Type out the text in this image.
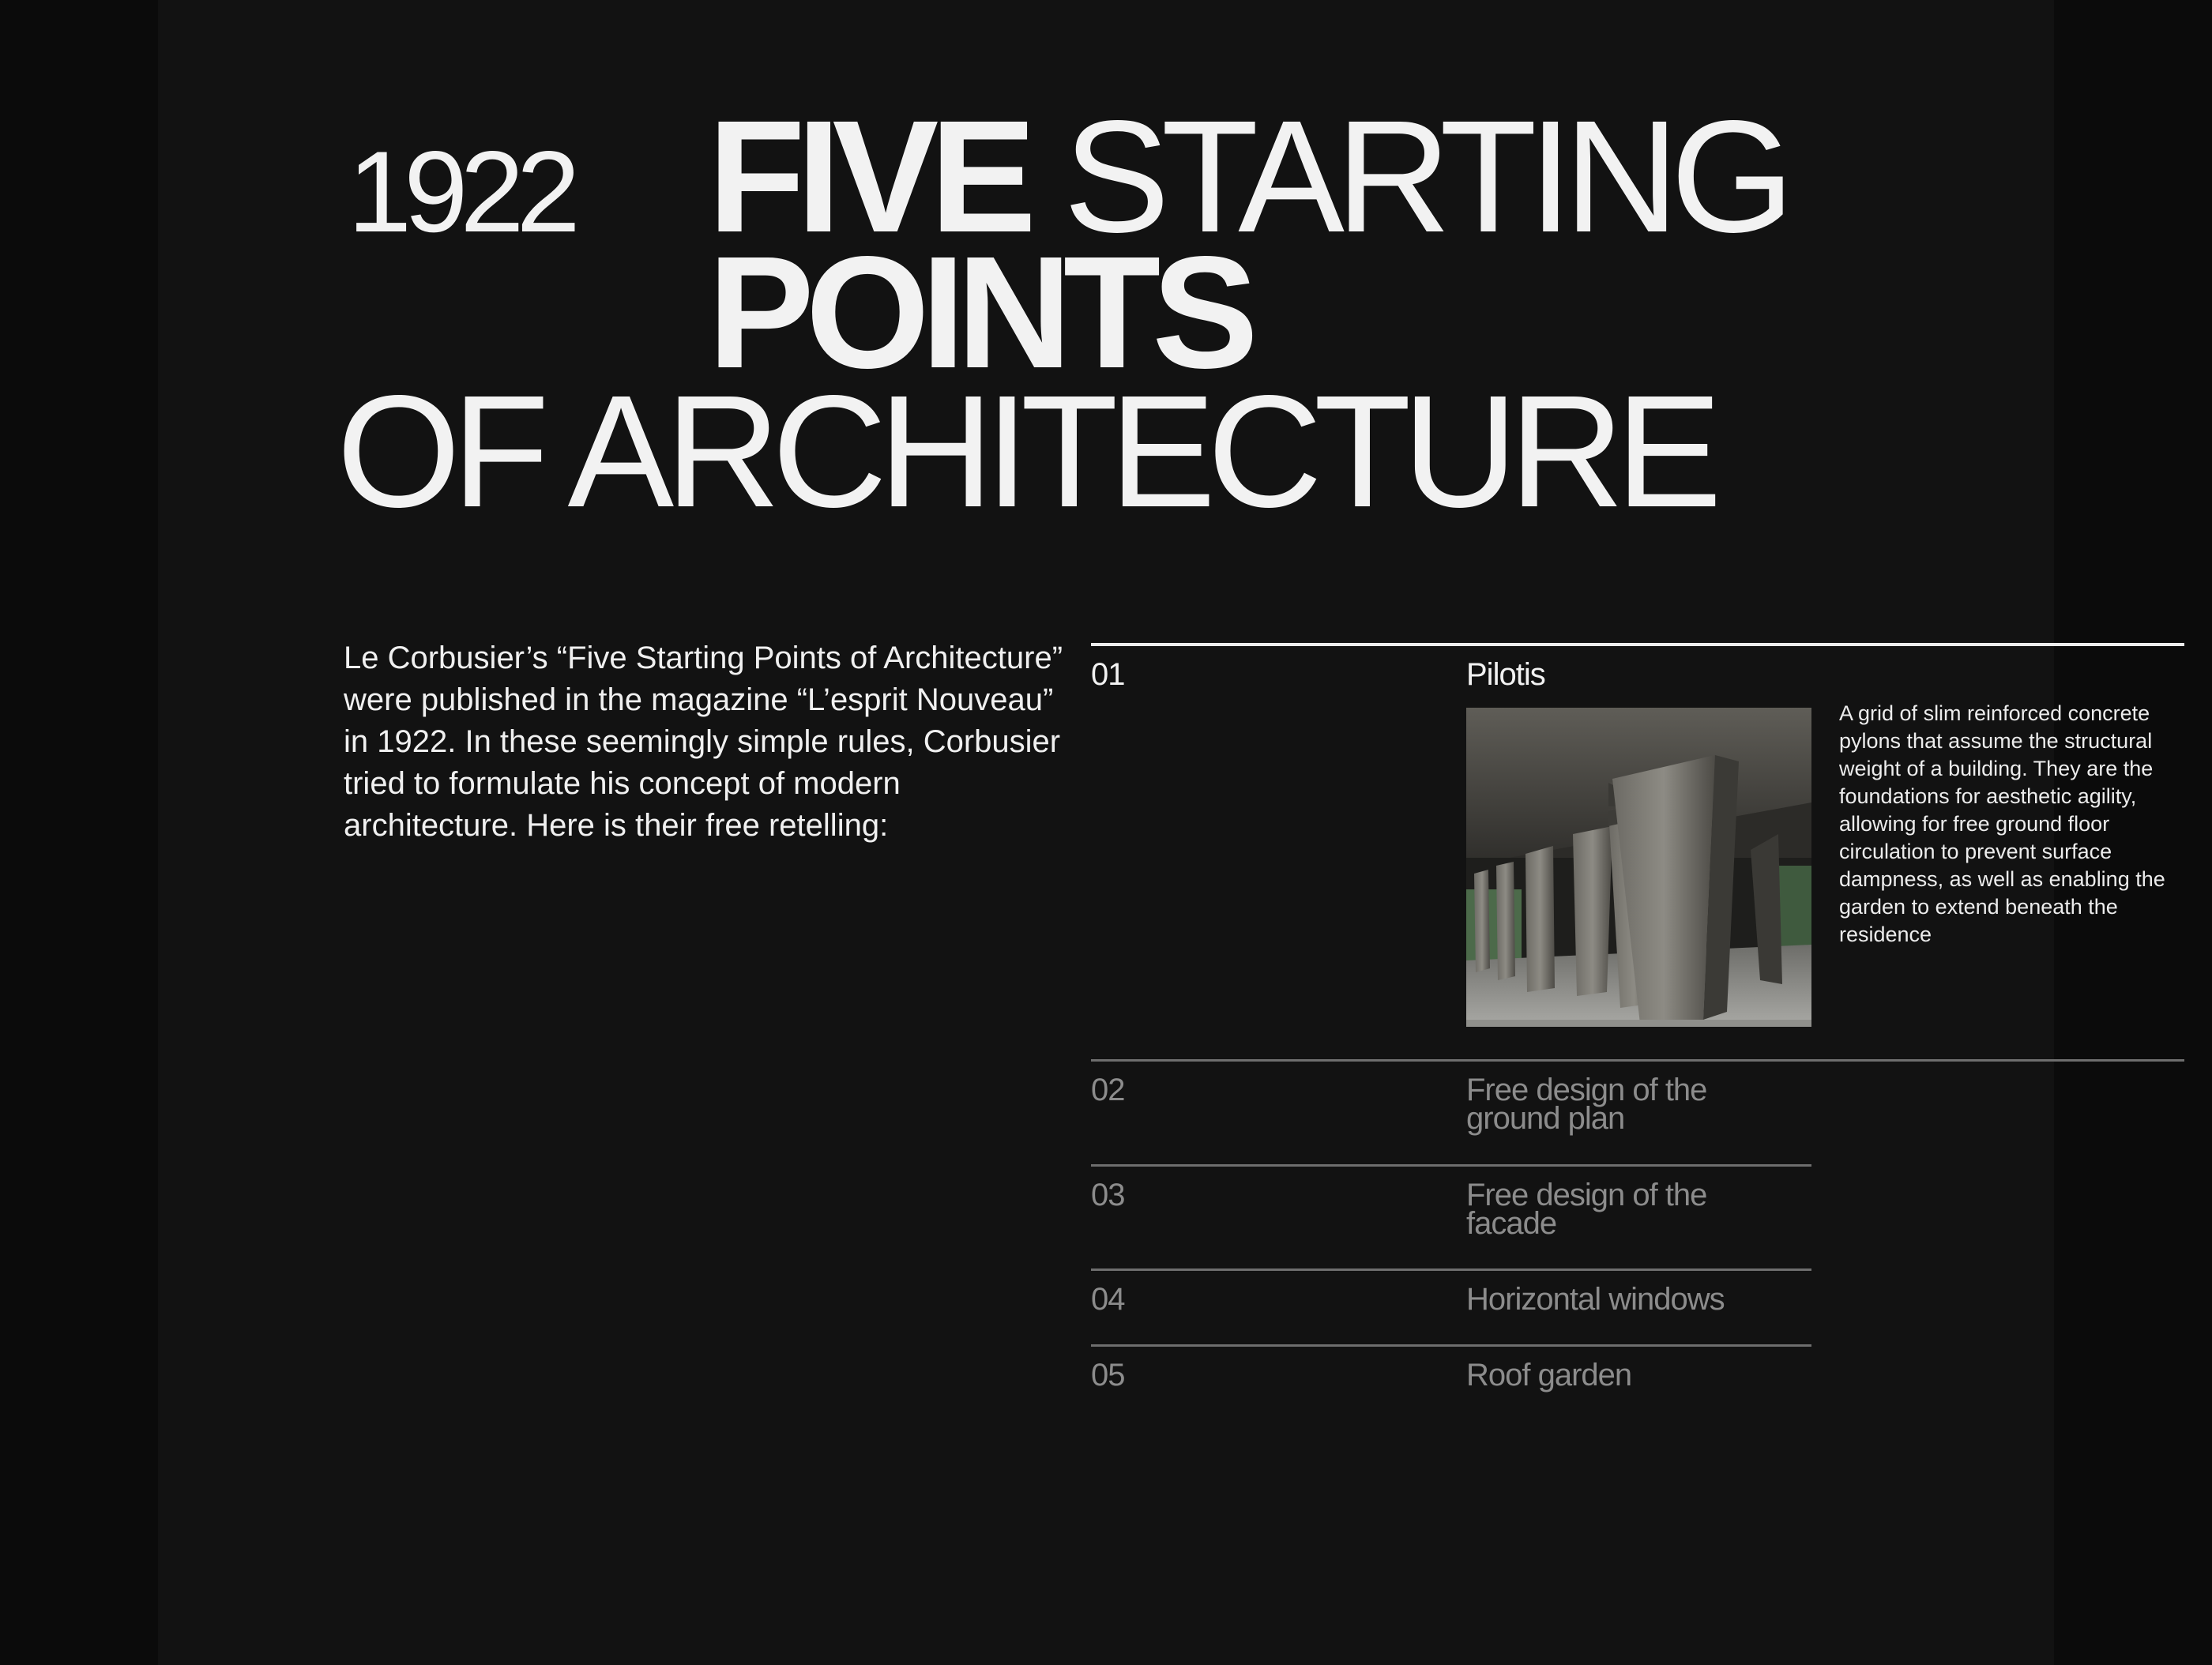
1922 FIVE STARTING
POINTS
OF ARCHITECTURE

Le Corbusier’s “Five Starting Points of Architecture” were published in the magazine “L’esprit Nouveau” in 1922. In these seemingly simple rules, Corbusier tried to formulate his concept of modern architecture. Here is their free retelling:

01	Pilotis

A grid of slim reinforced concrete pylons that assume the structural weight of a building. They are the foundations for aesthetic agility, allowing for free ground floor circulation to prevent surface dampness, as well as enabling the garden to extend beneath the residence

02	Free design of the ground plan
03	Free design of the facade
04	Horizontal windows
05	Roof garden
